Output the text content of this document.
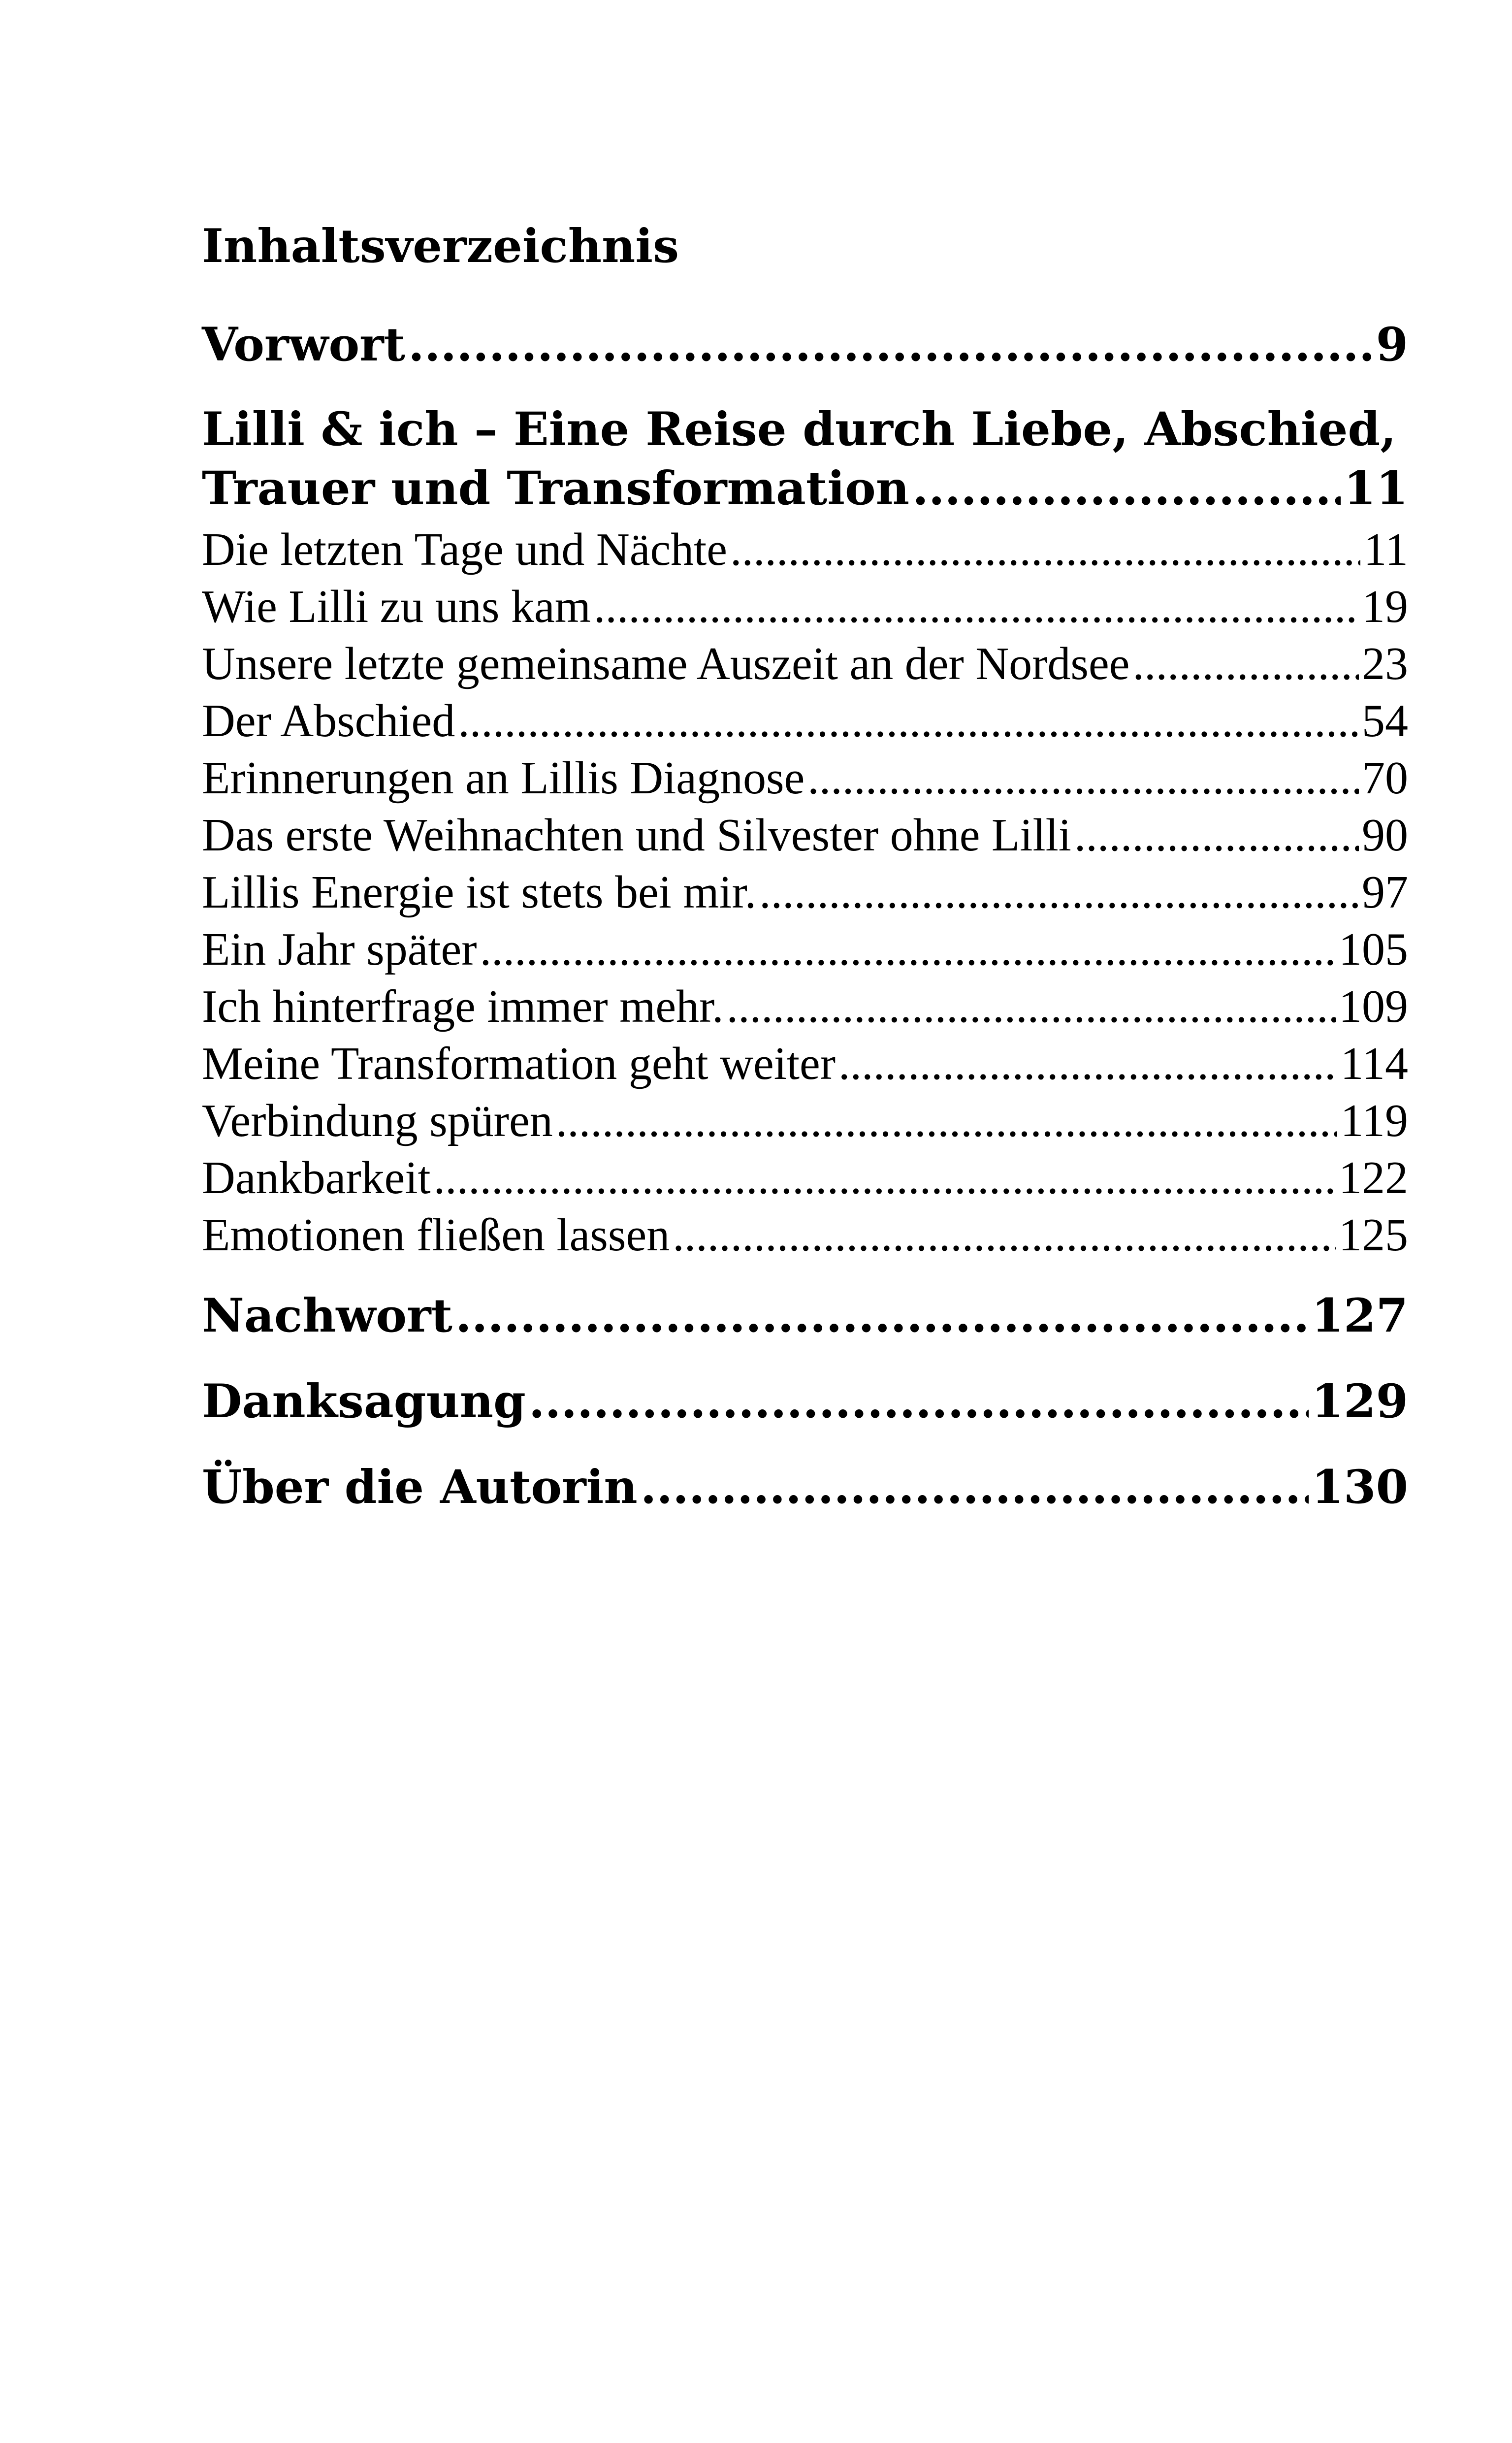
Inhaltsverzeichnis
Vorwort .....	9
Lilli & ich – Eine Reise durch Liebe, Abschied,
Trauer und Transformation .....	11
Die letzten Tage und Nächte .....	11
Wie Lilli zu uns kam .....	19
Unsere letzte gemeinsame Auszeit an der Nordsee .....	23
Der Abschied .....	54
Erinnerungen an Lillis Diagnose .....	70
Das erste Weihnachten und Silvester ohne Lilli .....	90
Lillis Energie ist stets bei mir. .....	97
Ein Jahr später .....	105
Ich hinterfrage immer mehr. .....	109
Meine Transformation geht weiter .....	114
Verbindung spüren .....	119
Dankbarkeit .....	122
Emotionen fließen lassen .....	125
Nachwort .....	127
Danksagung .....	129
Über die Autorin .....	130
